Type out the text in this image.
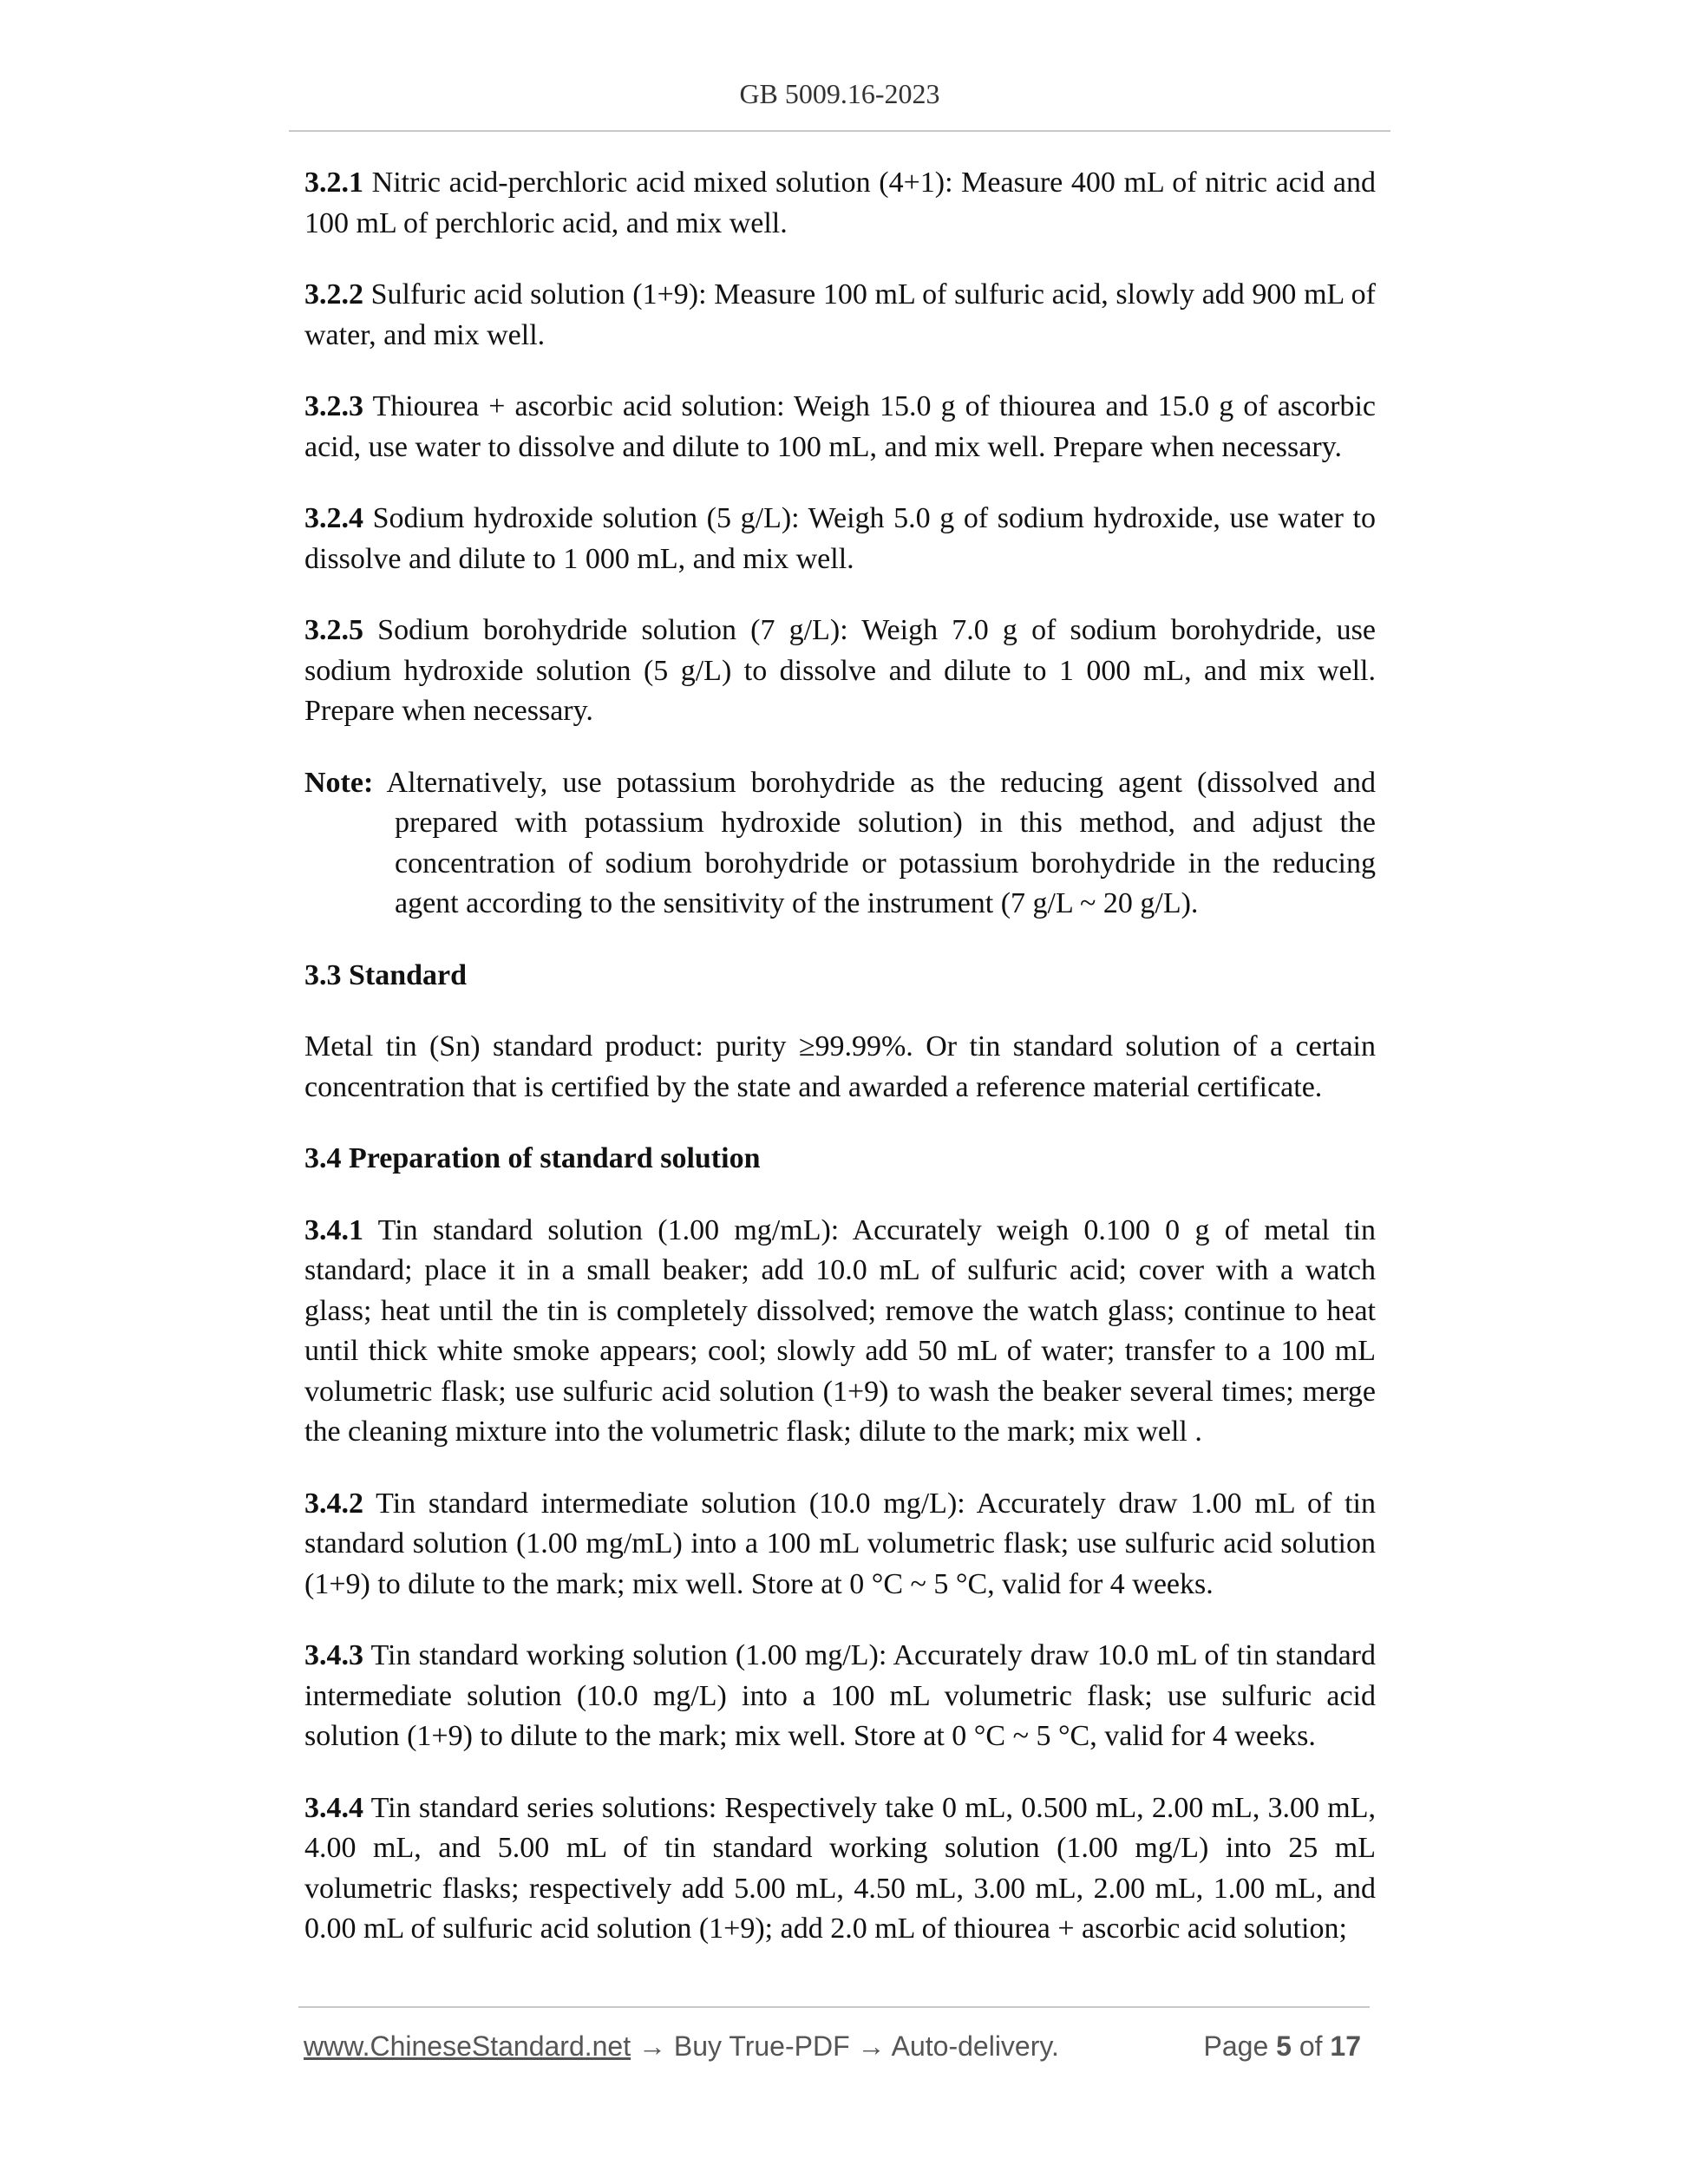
GB 5009.16-2023

3.2.1 Nitric acid-perchloric acid mixed solution (4+1): Measure 400 mL of nitric acid and 100 mL of perchloric acid, and mix well.

3.2.2 Sulfuric acid solution (1+9): Measure 100 mL of sulfuric acid, slowly add 900 mL of water, and mix well.

3.2.3 Thiourea + ascorbic acid solution: Weigh 15.0 g of thiourea and 15.0 g of ascorbic acid, use water to dissolve and dilute to 100 mL, and mix well. Prepare when necessary.

3.2.4 Sodium hydroxide solution (5 g/L): Weigh 5.0 g of sodium hydroxide, use water to dissolve and dilute to 1 000 mL, and mix well.

3.2.5 Sodium borohydride solution (7 g/L): Weigh 7.0 g of sodium borohydride, use sodium hydroxide solution (5 g/L) to dissolve and dilute to 1 000 mL, and mix well. Prepare when necessary.

Note: Alternatively, use potassium borohydride as the reducing agent (dissolved and prepared with potassium hydroxide solution) in this method, and adjust the concentration of sodium borohydride or potassium borohydride in the reducing agent according to the sensitivity of the instrument (7 g/L ~ 20 g/L).

3.3 Standard

Metal tin (Sn) standard product: purity ≥99.99%. Or tin standard solution of a certain concentration that is certified by the state and awarded a reference material certificate.

3.4 Preparation of standard solution

3.4.1 Tin standard solution (1.00 mg/mL): Accurately weigh 0.100 0 g of metal tin standard; place it in a small beaker; add 10.0 mL of sulfuric acid; cover with a watch glass; heat until the tin is completely dissolved; remove the watch glass; continue to heat until thick white smoke appears; cool; slowly add 50 mL of water; transfer to a 100 mL volumetric flask; use sulfuric acid solution (1+9) to wash the beaker several times; merge the cleaning mixture into the volumetric flask; dilute to the mark; mix well .

3.4.2 Tin standard intermediate solution (10.0 mg/L): Accurately draw 1.00 mL of tin standard solution (1.00 mg/mL) into a 100 mL volumetric flask; use sulfuric acid solution (1+9) to dilute to the mark; mix well. Store at 0 °C ~ 5 °C, valid for 4 weeks.

3.4.3 Tin standard working solution (1.00 mg/L): Accurately draw 10.0 mL of tin standard intermediate solution (10.0 mg/L) into a 100 mL volumetric flask; use sulfuric acid solution (1+9) to dilute to the mark; mix well. Store at 0 °C ~ 5 °C, valid for 4 weeks.

3.4.4 Tin standard series solutions: Respectively take 0 mL, 0.500 mL, 2.00 mL, 3.00 mL, 4.00 mL, and 5.00 mL of tin standard working solution (1.00 mg/L) into 25 mL volumetric flasks; respectively add 5.00 mL, 4.50 mL, 3.00 mL, 2.00 mL, 1.00 mL, and 0.00 mL of sulfuric acid solution (1+9); add 2.0 mL of thiourea + ascorbic acid solution;

www.ChineseStandard.net → Buy True-PDF → Auto-delivery.	Page 5 of 17
